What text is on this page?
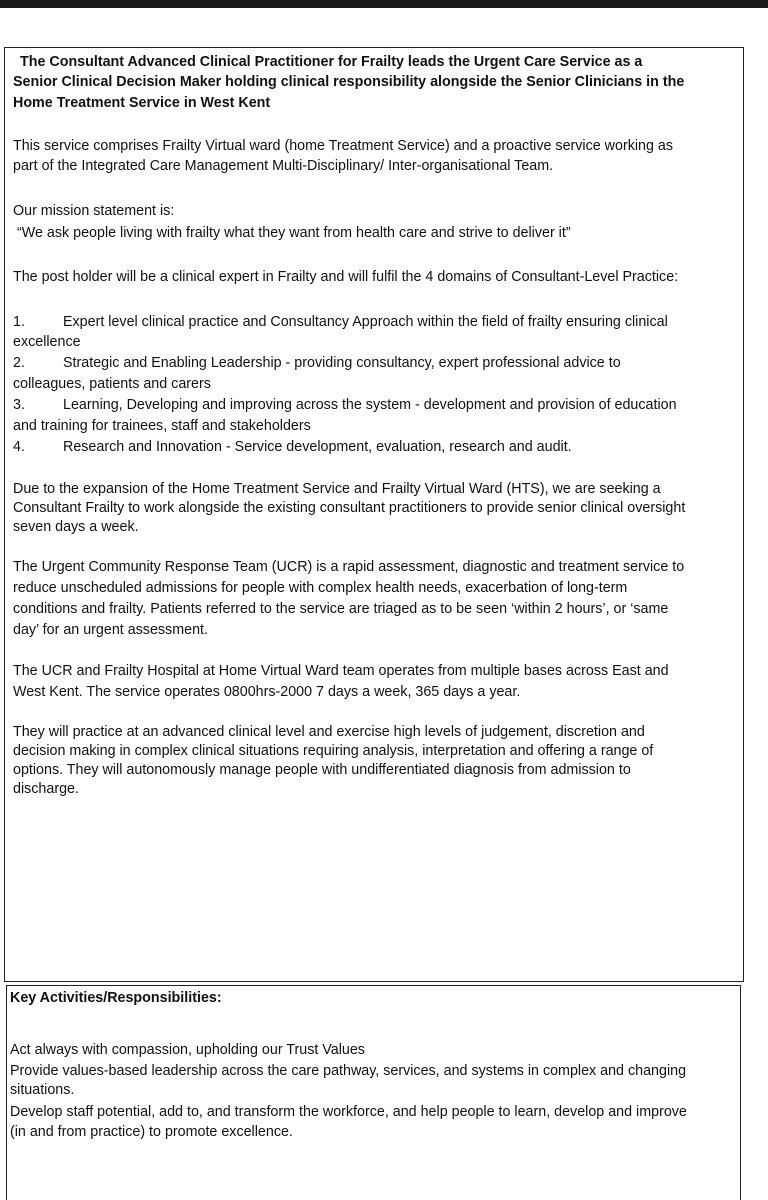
The Consultant Advanced Clinical Practitioner for Frailty leads the Urgent Care Service as a

Senior Clinical Decision Maker holding clinical responsibility alongside the Senior Clinicians in the

Home Treatment Service in West Kent

This service comprises Frailty Virtual ward (home Treatment Service) and a proactive service working as

part of the Integrated Care Management Multi-Disciplinary/ Inter-organisational Team.

Our mission statement is:

“We ask people living with frailty what they want from health care and strive to deliver it”

The post holder will be a clinical expert in Frailty and will fulfil the 4 domains of Consultant-Level Practice:

1.	Expert level clinical practice and Consultancy Approach within the field of frailty ensuring clinical

excellence

2.	Strategic and Enabling Leadership - providing consultancy, expert professional advice to

colleagues, patients and carers

3.	Learning, Developing and improving across the system - development and provision of education

and training for trainees, staff and stakeholders

4.	Research and Innovation - Service development, evaluation, research and audit.

Due to the expansion of the Home Treatment Service and Frailty Virtual Ward (HTS), we are seeking a

Consultant Frailty to work alongside the existing consultant practitioners to provide senior clinical oversight

seven days a week.

The Urgent Community Response Team (UCR) is a rapid assessment, diagnostic and treatment service to

reduce unscheduled admissions for people with complex health needs, exacerbation of long-term

conditions and frailty. Patients referred to the service are triaged as to be seen ‘within 2 hours’, or ‘same

day’ for an urgent assessment.

The UCR and Frailty Hospital at Home Virtual Ward team operates from multiple bases across East and

West Kent. The service operates 0800hrs-2000 7 days a week, 365 days a year.

They will practice at an advanced clinical level and exercise high levels of judgement, discretion and

decision making in complex clinical situations requiring analysis, interpretation and offering a range of

options. They will autonomously manage people with undifferentiated diagnosis from admission to

discharge.

Key Activities/Responsibilities:

Act always with compassion, upholding our Trust Values

Provide values-based leadership across the care pathway, services, and systems in complex and changing

situations.

Develop staff potential, add to, and transform the workforce, and help people to learn, develop and improve

(in and from practice) to promote excellence.
